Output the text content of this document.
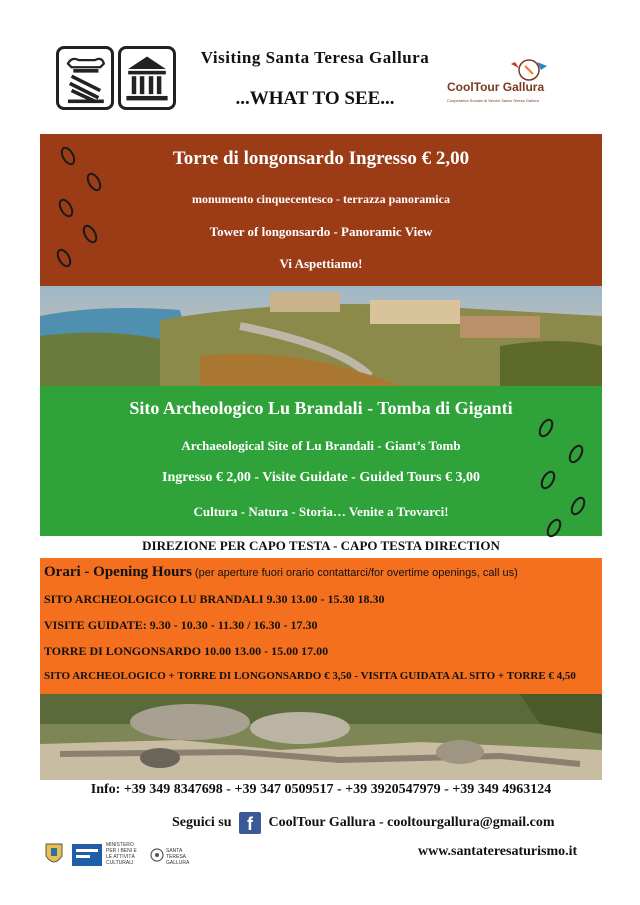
Visiting Santa Teresa Gallura
...WHAT TO SEE...
CoolTour Gallura
Cooperativa Sociale di Servizi Santa Teresa Gallura

Torre di longonsardo Ingresso € 2,00

monumento cinquecentesco - terrazza panoramica

Tower of longonsardo - Panoramic View

Vi Aspettiamo!

Sito Archeologico Lu Brandali - Tomba di Giganti

Archaeological Site of Lu Brandali - Giant’s Tomb

Ingresso € 2,00 - Visite Guidate - Guided Tours € 3,00

Cultura - Natura - Storia… Venite a Trovarci!

DIREZIONE PER CAPO TESTA - CAPO TESTA DIRECTION
Orari - Opening Hours (per aperture fuori orario contattarci/for overtime openings, call us)
SITO ARCHEOLOGICO LU BRANDALI 9.30 13.00 - 15.30 18.30
VISITE GUIDATE: 9.30 - 10.30 - 11.30 / 16.30 - 17.30
TORRE DI LONGONSARDO 10.00 13.00 - 15.00 17.00
SITO ARCHEOLOGICO + TORRE DI LONGONSARDO € 3,50 - VISITA GUIDATA AL SITO + TORRE € 4,50
Info: +39 349 8347698 - +39 347 0509517 - +39 3920547979 - +39 349 4963124
Seguici su f CoolTour Gallura - cooltourgallura@gmail.com
www.santateresaturismo.it
MINISTERO PER I BENI E LE ATTIVITÀ CULTURALI
SANTA TERESA GALLURA
